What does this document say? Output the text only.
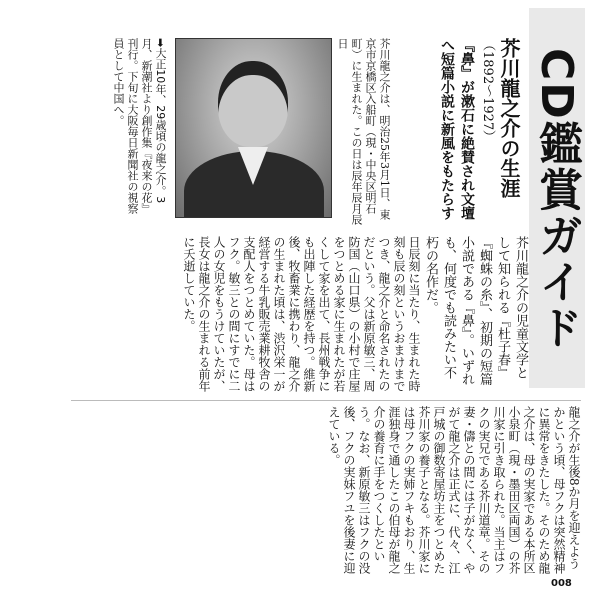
CD鑑賞ガイド
芥川龍之介の生涯
（1892〜1927）
『鼻』が漱石に絶賛され文壇へ短篇小説に新風をもたらす
芥川龍之介は、明治25年3月1日、東京市京橋区入船町（現・中央区明石町）に生まれた。この日は辰年辰月辰日
➡大正10年、29歳頃の龍之介。3月、新潮社より創作集『夜来の花』刊行。下旬に大阪毎日新聞社の視察員として中国へ。
芥川龍之介の児童文学として知られる『杜子春』『蜘蛛の糸』、初期の短篇小説である『鼻』。いずれも、何度でも読みたい不朽の名作だ。
日辰刻に当たり、生まれた時刻も辰の刻というおまけまでつき、龍之介と命名されたのだという。父は新原敏三、周防国（山口県）の小村で庄屋をつとめる家に生まれたが若くして家を出て、長州戦争にも出陣した経歴を持つ。維新後、牧畜業に携わり、龍之介の生まれた頃は、渋沢栄一が経営する牛乳販売業耕牧舎の支配人をつとめていた。母はフク。敏三との間にすでに二人の女児をもうけていたが、長女は龍之介の生まれる前年に夭逝していた。
龍之介が生後8か月を迎えようかという頃、母フクは突然精神に異常をきたした。そのため龍之介は、母の実家である本所区小泉町（現・墨田区両国）の芥川家に引き取られた。当主はフクの実兄である芥川道章。その妻・儔との間には子がなく、やがて龍之介は正式に、代々、江戸城の御数寄屋坊主をつとめた芥川家の養子となる。芥川家には母フクの実姉フキもおり、生涯独身で通したこの伯母が龍之介の養育に手をつくしたという。なお、新原敏三はフクの没後、フクの実妹フユを後妻に迎えている。
008
